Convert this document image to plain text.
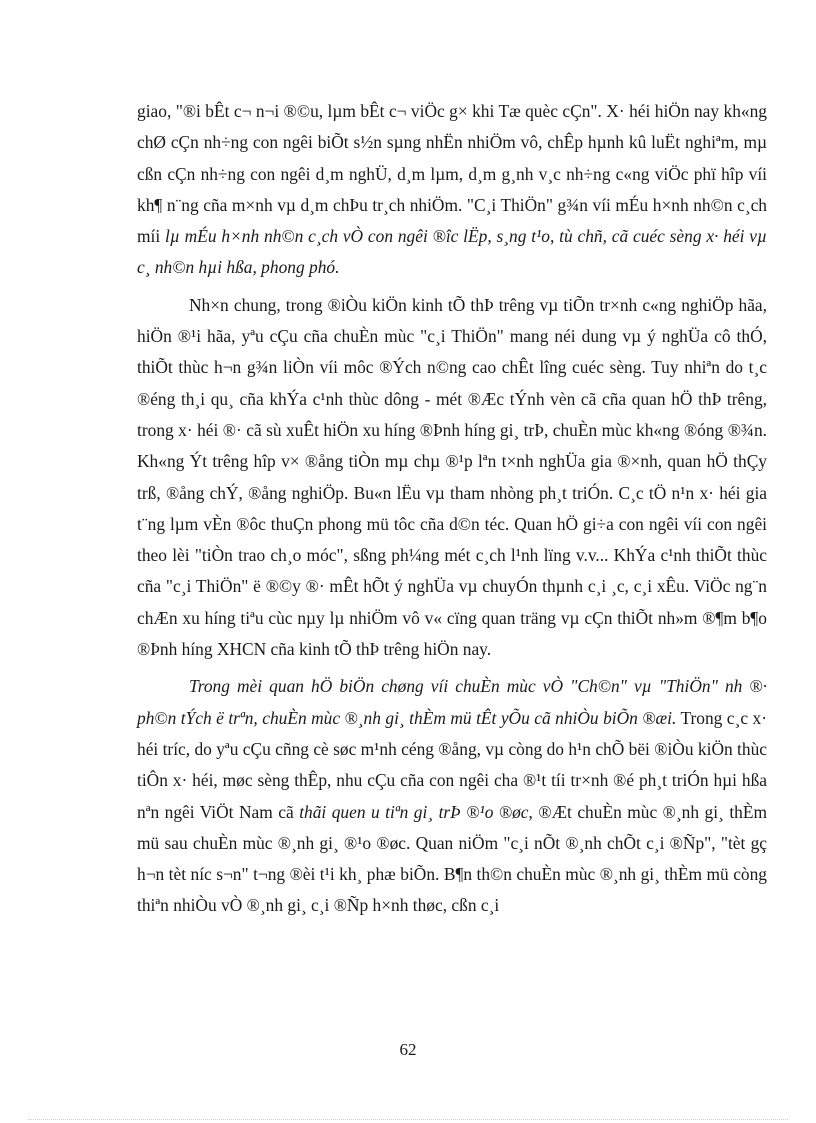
giao, "®i bÊt c¬ n¬i ®©u, lµm bÊt c¬ viÖc g× khi Tæ quèc cÇn". X· héi hiÖn nay kh«ng chØ cÇn nh÷ng con ngêi biÕt s½n sµng nhËn nhiÖm vô, chÊp hµnh kû luËt nghiªm, mµ cßn cÇn nh÷ng con ngêi d¸m nghÜ, d¸m lµm, d¸m g¸nh v¸c nh÷ng c«ng viÖc phï hîp víi kh¶ n¨ng cña m×nh vµ d¸m chÞu tr¸ch nhiÖm. "C¸i ThiÖn" g¾n víi mÉu h×nh nh©n c¸ch míi lµ mÉu h×nh nh©n c¸ch vÒ con ngêi ®îc lËp, s¸ng t¹o, tù chñ, cã cuéc sèng x· héi vµ c¸ nh©n hµi hßa, phong phó.

Nh×n chung, trong ®iÒu kiÖn kinh tÕ thÞ trêng vµ tiÕn tr×nh c«ng nghiÖp hãa, hiÖn ®¹i hãa, yªu cÇu cña chuÈn mùc "c¸i ThiÖn" mang néi dung vµ ý nghÜa cô thÓ, thiÕt thùc h¬n g¾n liÒn víi môc ®Ých n©ng cao chÊt lîng cuéc sèng. Tuy nhiªn do t¸c ®éng th¸i qu¸ cña khÝa c¹nh thùc dông - mét ®Æc tÝnh vèn cã cña quan hÖ thÞ trêng, trong x· héi ®· cã sù xuÊt hiÖn xu híng ®Þnh híng gi¸ trÞ, chuÈn mùc kh«ng ®óng ®¾n. Kh«ng Ýt trêng hîp v× ®ång tiÒn mµ chµ ®¹p lªn t×nh nghÜa gia ®×nh, quan hÖ thÇy trß, ®ång chÝ, ®ång nghiÖp. Bu«n lËu vµ tham nhòng ph¸t triÓn. C¸c tÖ n¹n x· héi gia t¨ng lµm vÈn ®ôc thuÇn phong mü tôc cña d©n téc. Quan hÖ gi÷a con ngêi víi con ngêi theo lèi "tiÒn trao ch¸o móc", sßng ph¼ng mét c¸ch l¹nh lïng v.v... KhÝa c¹nh thiÕt thùc cña "c¸i ThiÖn" ë ®©y ®· mÊt hÕt ý nghÜa vµ chuyÓn thµnh c¸i ¸c, c¸i xÊu. ViÖc ng¨n chÆn xu híng tiªu cùc nµy lµ nhiÖm vô v« cïng quan träng vµ cÇn thiÕt nh»m ®¶m b¶o ®Þnh híng XHCN cña kinh tÕ thÞ trêng hiÖn nay.

Trong mèi quan hÖ biÖn chøng víi chuÈn mùc vÒ "Ch©n" vµ "ThiÖn" nh ®· ph©n tÝch ë trªn, chuÈn mùc ®¸nh gi¸ thÈm mü tÊt yÕu cã nhiÒu biÕn ®æi. Trong c¸c x· héi tríc, do yªu cÇu cñng cè søc m¹nh céng ®ång, vµ còng do h¹n chÕ bëi ®iÒu kiÖn thùc tiÔn x· héi, møc sèng thÊp, nhu cÇu cña con ngêi cha ®¹t tíi tr×nh ®é ph¸t triÓn hµi hßa nªn ngêi ViÖt Nam cã thãi quen u tiªn gi¸ trÞ ®¹o ®øc, ®Æt chuÈn mùc ®¸nh gi¸ thÈm mü sau chuÈn mùc ®¸nh gi¸ ®¹o ®øc. Quan niÖm "c¸i nÕt ®¸nh chÕt c¸i ®Ñp", "tèt gç h¬n tèt níc s¬n" t¬ng ®èi t¹i kh¸ phæ biÕn. B¶n th©n chuÈn mùc ®¸nh gi¸ thÈm mü còng thiªn nhiÒu vÒ ®¸nh gi¸ c¸i ®Ñp h×nh thøc, cßn c¸i

62
